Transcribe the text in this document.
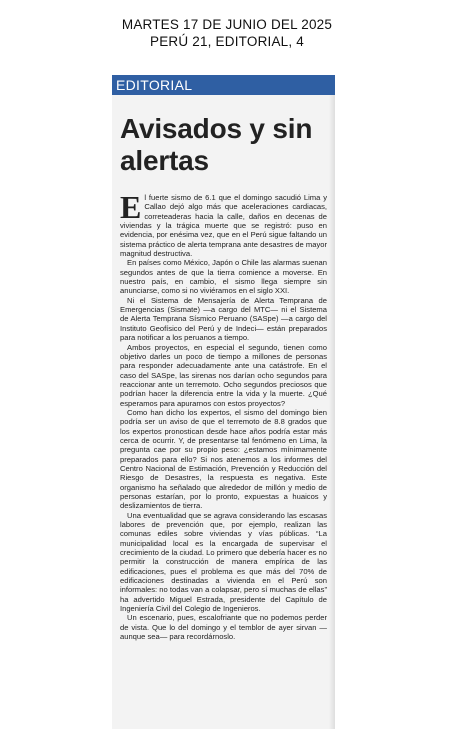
MARTES 17 DE JUNIO DEL 2025
PERÚ 21, EDITORIAL, 4
EDITORIAL
Avisados y sin alertas

El fuerte sismo de 6.1 que el domingo sacudió Lima y Callao dejó algo más que aceleraciones cardiacas, correteaderas hacia la calle, daños en decenas de viviendas y la trágica muerte que se registró: puso en evidencia, por enésima vez, que en el Perú sigue faltando un sistema práctico de alerta temprana ante desastres de mayor magnitud destructiva.

En países como México, Japón o Chile las alarmas suenan segundos antes de que la tierra comience a moverse. En nuestro país, en cambio, el sismo llega siempre sin anunciarse, como si no viviéramos en el siglo XXI.

Ni el Sistema de Mensajería de Alerta Temprana de Emergencias (Sismate) —a cargo del MTC— ni el Sistema de Alerta Temprana Sísmico Peruano (SASpe) —a cargo del Instituto Geofísico del Perú y de Indeci— están preparados para notificar a los peruanos a tiempo.

Ambos proyectos, en especial el segundo, tienen como objetivo darles un poco de tiempo a millones de personas para responder adecuadamente ante una catástrofe. En el caso del SASpe, las sirenas nos darían ocho segundos para reaccionar ante un terremoto. Ocho segundos preciosos que podrían hacer la diferencia entre la vida y la muerte. ¿Qué esperamos para apurarnos con estos proyectos?

Como han dicho los expertos, el sismo del domingo bien podría ser un aviso de que el terremoto de 8.8 grados que los expertos pronostican desde hace años podría estar más cerca de ocurrir. Y, de presentarse tal fenómeno en Lima, la pregunta cae por su propio peso: ¿estamos mínimamente preparados para ello? Si nos atenemos a los informes del Centro Nacional de Estimación, Prevención y Reducción del Riesgo de Desastres, la respuesta es negativa. Este organismo ha señalado que alrededor de millón y medio de personas estarían, por lo pronto, expuestas a huaicos y deslizamientos de tierra.

Una eventualidad que se agrava considerando las escasas labores de prevención que, por ejemplo, realizan las comunas ediles sobre viviendas y vías públicas. “La municipalidad local es la encargada de supervisar el crecimiento de la ciudad. Lo primero que debería hacer es no permitir la construcción de manera empírica de las edificaciones, pues el problema es que más del 70% de edificaciones destinadas a vivienda en el Perú son informales: no todas van a colapsar, pero sí muchas de ellas” ha advertido Miguel Estrada, presidente del Capítulo de Ingeniería Civil del Colegio de Ingenieros.

Un escenario, pues, escalofriante que no podemos perder de vista. Que lo del domingo y el temblor de ayer sirvan —aunque sea— para recordárnoslo.
